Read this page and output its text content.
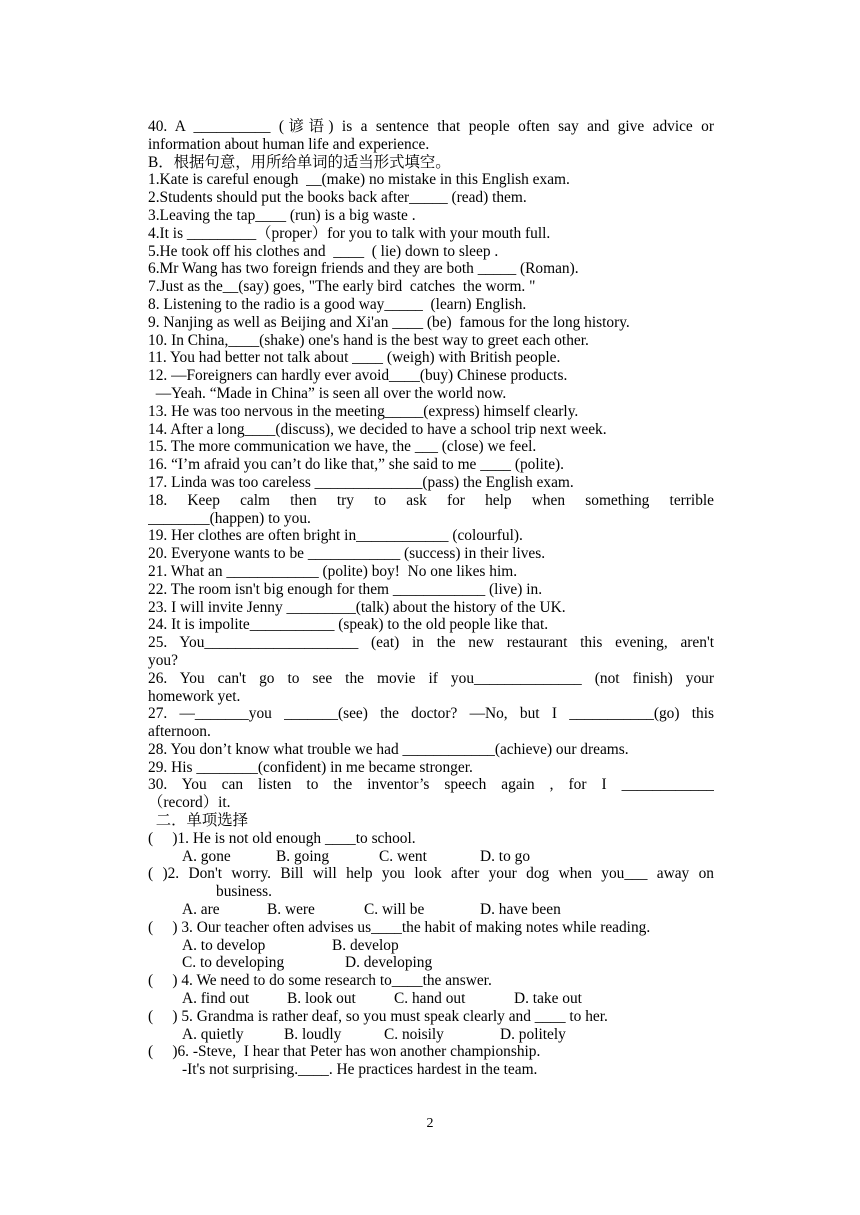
40. A __________ (谚语) is a sentence that people often say and give advice or
information about human life and experience.
B．根据句意，用所给单词的适当形式填空。
1.Kate is careful enough  __(make) no mistake in this English exam.
2.Students should put the books back after_____ (read) them.
3.Leaving the tap____ (run) is a big waste .
4.It is _________（proper）for you to talk with your mouth full.
5.He took off his clothes and  ____  ( lie) down to sleep .
6.Mr Wang has two foreign friends and they are both _____ (Roman).
7.Just as the__(say) goes, "The early bird  catches  the worm. "
8. Listening to the radio is a good way_____  (learn) English.
9. Nanjing as well as Beijing and Xi'an ____ (be)  famous for the long history.
10. In China,____(shake) one's hand is the best way to greet each other.
11. You had better not talk about ____ (weigh) with British people.
12. —Foreigners can hardly ever avoid____(buy) Chinese products.
—Yeah. “Made in China” is seen all over the world now.
13. He was too nervous in the meeting_____(express) himself clearly.
14. After a long____(discuss), we decided to have a school trip next week.
15. The more communication we have, the ___ (close) we feel.
16. “I’m afraid you can’t do like that,” she said to me ____ (polite).
17. Linda was too careless ______________(pass) the English exam.
18. Keep calm then try to ask for help when something terrible
________(happen) to you.
19. Her clothes are often bright in____________ (colourful).
20. Everyone wants to be ____________ (success) in their lives.
21. What an ____________ (polite) boy!  No one likes him.
22. The room isn't big enough for them ____________ (live) in.
23. I will invite Jenny _________(talk) about the history of the UK.
24. It is impolite___________ (speak) to the old people like that.
25. You____________________ (eat) in the new restaurant this evening, aren't
you?
26. You can't go to see the movie if you______________ (not finish) your
homework yet.
27. —_______you _______(see) the doctor? —No, but I ___________(go) this
afternoon.
28. You don’t know what trouble we had ____________(achieve) our dreams.
29. His ________(confident) in me became stronger.
30. You can listen to the inventor’s speech again , for I ____________
（record）it.
二．单项选择
(     )1. He is not old enough ____to school.
A. gone	B. going	C. went	D. to go
( )2. Don't worry. Bill will help you look after your dog when you___ away on
business.
A. are	B. were	C. will be	D. have been
(     ) 3. Our teacher often advises us____the habit of making notes while reading.
A. to develop	B. develop
C. to developing	D. developing
(     ) 4. We need to do some research to____the answer.
A. find out	B. look out	C. hand out	D. take out
(     ) 5. Grandma is rather deaf, so you must speak clearly and ____ to her.
A. quietly	B. loudly	C. noisily	D. politely
(     )6. -Steve,  I hear that Peter has won another championship.
-It's not surprising.____. He practices hardest in the team.
2
